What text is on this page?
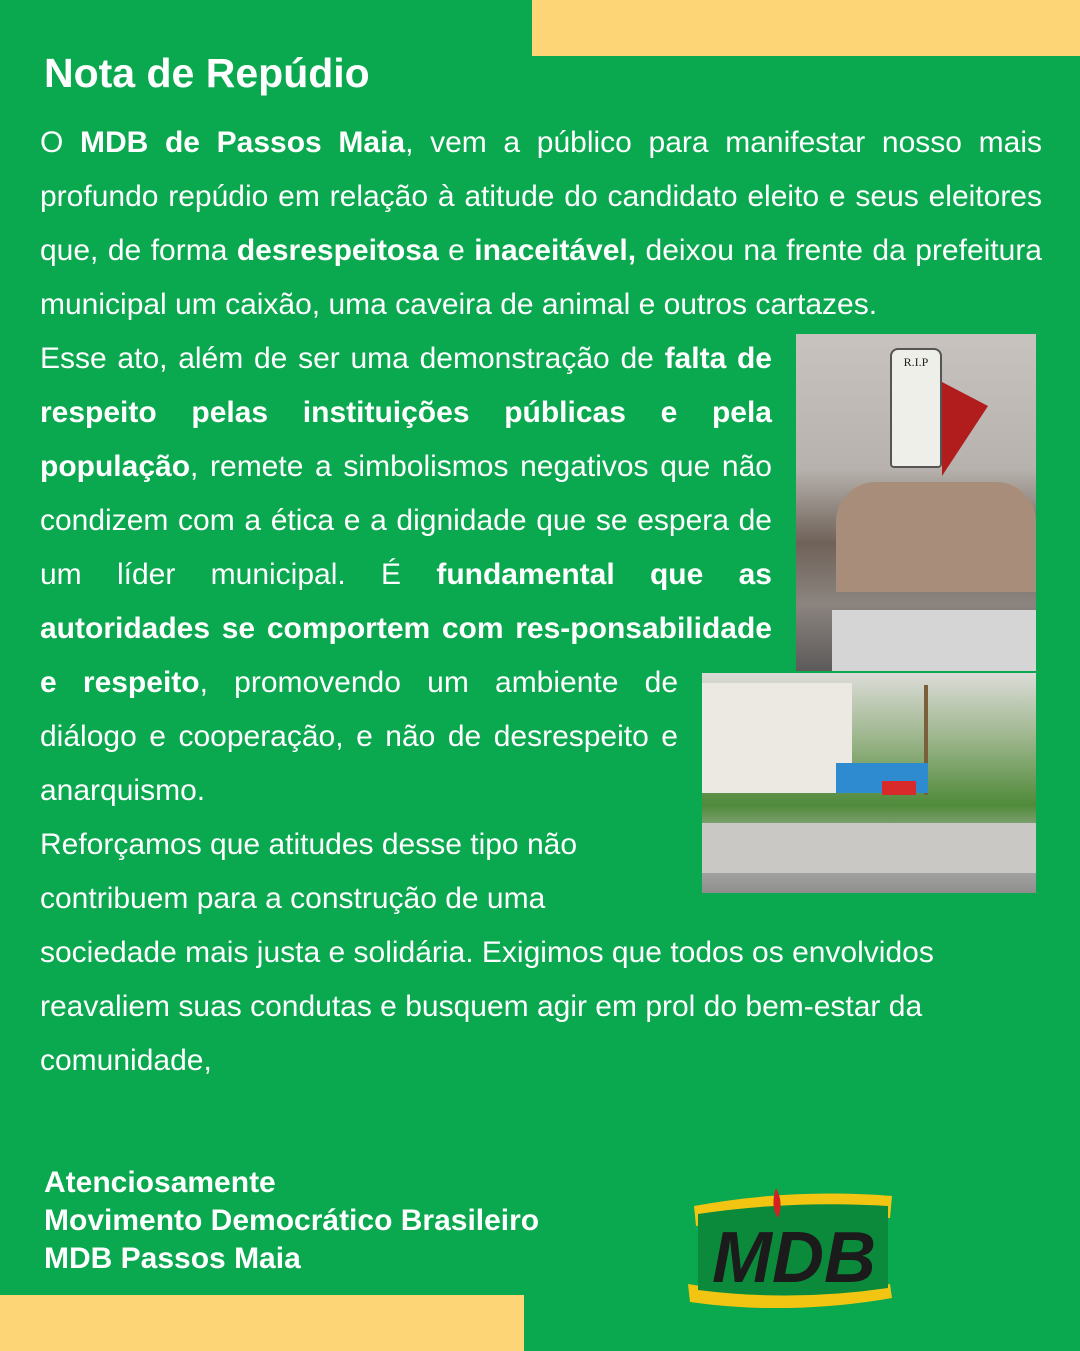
Nota de Repúdio

O MDB de Passos Maia, vem a público para manifestar nosso mais profundo repúdio em relação à atitude do candidato eleito e seus eleitores que, de forma desrespeitosa e inaceitável, deixou na frente da prefeitura municipal um caixão, uma caveira de animal e outros cartazes.

R.I.P

Esse ato, além de ser uma demonstração de falta de respeito pelas instituições públicas e pela população, remete a simbolismos negativos que não condizem com a ética e a dignidade que se espera de um líder municipal. É fundamental que as autoridades se comportem com res-ponsabilidade e respeito, promovendo um ambiente de diálogo e cooperação, e não de desrespeito e anarquismo.

Reforçamos que atitudes desse tipo não contribuem para a construção de uma sociedade mais justa e solidária. Exigimos que todos os envolvidos reavaliem suas condutas e busquem agir em prol do bem-estar da comunidade,

Atenciosamente
Movimento Democrático Brasileiro
MDB Passos Maia	MDB
